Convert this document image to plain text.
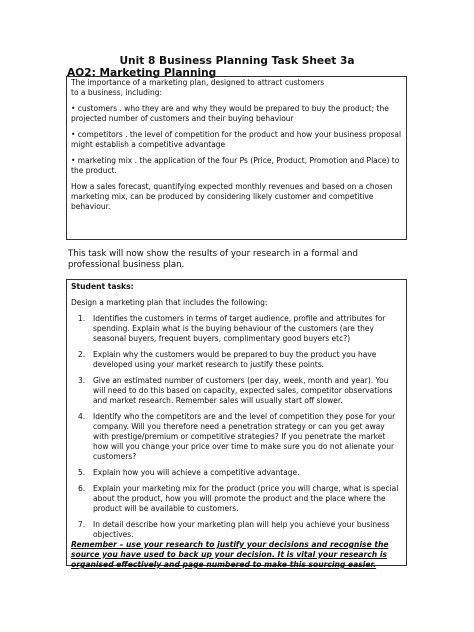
Unit 8 Business Planning Task Sheet 3a
AO2: Marketing Planning

The importance of a marketing plan, designed to attract customers

to a business, including:

• customers . who they are and why they would be prepared to buy the product; the projected number of customers and their buying behaviour

• competitors . the level of competition for the product and how your business proposal might establish a competitive advantage

• marketing mix . the application of the four Ps (Price, Product, Promotion and Place) to the product.

How a sales forecast, quantifying expected monthly revenues and based on a chosen marketing mix, can be produced by considering likely customer and competitive behaviour.

This task will now show the results of your research in a formal and professional business plan.

Student tasks:

Design a marketing plan that includes the following:

1. Identifies the customers in terms of target audience, profile and attributes for spending. Explain what is the buying behaviour of the customers (are they seasonal buyers, frequent buyers, complimentary good buyers etc?)
2. Explain why the customers would be prepared to buy the product you have developed using your market research to justify these points.
3. Give an estimated number of customers (per day, week, month and year). You will need to do this based on capacity, expected sales, competitor observations and market research. Remember sales will usually start off slower.
4. Identify who the competitors are and the level of competition they pose for your company. Will you therefore need a penetration strategy or can you get away with prestige/premium or competitive strategies? If you penetrate the market how will you change your price over time to make sure you do not alienate your customers?
5. Explain how you will achieve a competitive advantage.
6. Explain your marketing mix for the product (price you will charge, what is special about the product, how you will promote the product and the place where the product will be available to customers.
7. In detail describe how your marketing plan will help you achieve your business objectives.

Remember – use your research to justify your decisions and recognise the source you have used to back up your decision. It is vital your research is organised effectively and page numbered to make this sourcing easier.
